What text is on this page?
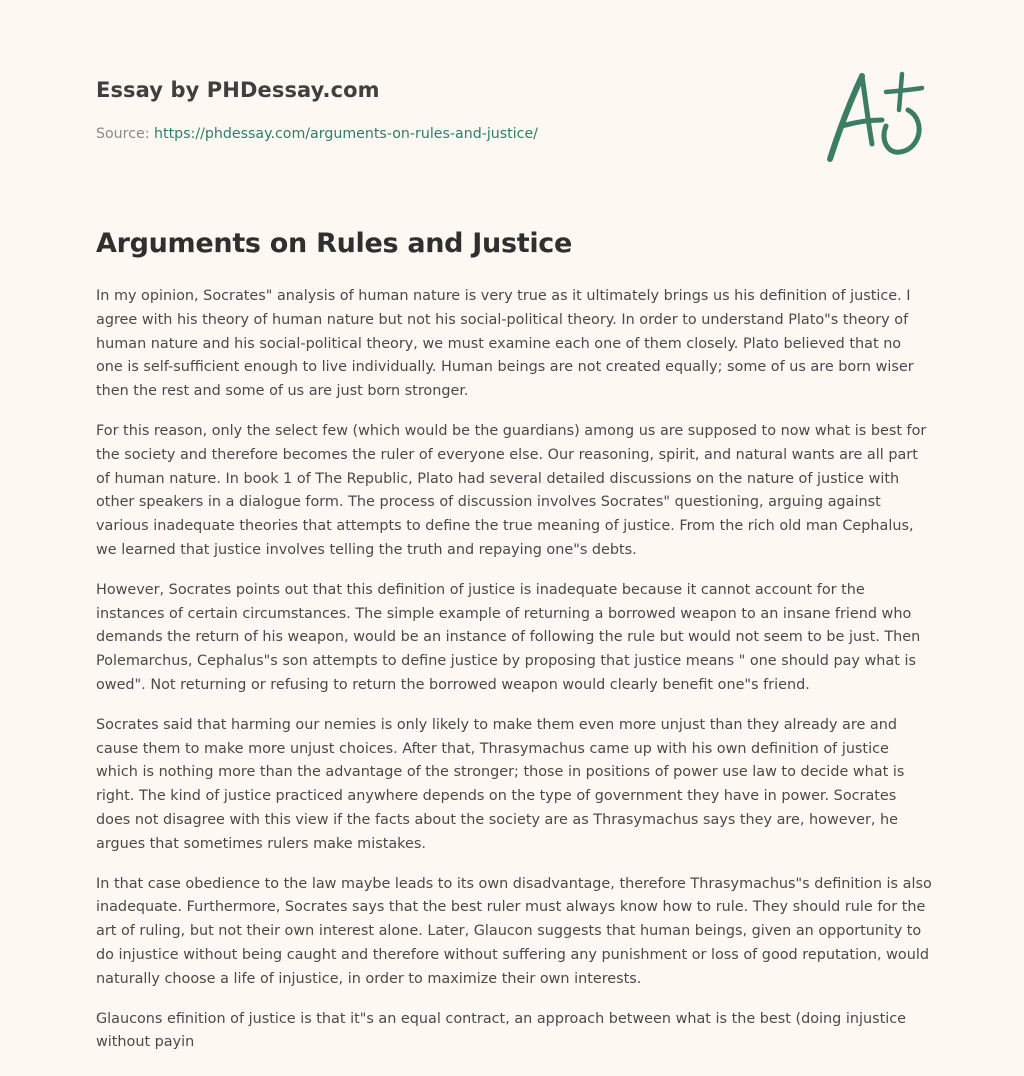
Essay by PHDessay.com
Source: https://phdessay.com/arguments-on-rules-and-justice/
Arguments on Rules and Justice

In my opinion, Socrates" analysis of human nature is very true as it ultimately brings us his definition of justice. I agree with his theory of human nature but not his social-political theory. In order to understand Plato"s theory of human nature and his social-political theory, we must examine each one of them closely. Plato believed that no one is self-sufficient enough to live individually. Human beings are not created equally; some of us are born wiser then the rest and some of us are just born stronger.

For this reason, only the select few (which would be the guardians) among us are supposed to now what is best for the society and therefore becomes the ruler of everyone else. Our reasoning, spirit, and natural wants are all part of human nature. In book 1 of The Republic, Plato had several detailed discussions on the nature of justice with other speakers in a dialogue form. The process of discussion involves Socrates" questioning, arguing against various inadequate theories that attempts to define the true meaning of justice. From the rich old man Cephalus, we learned that justice involves telling the truth and repaying one"s debts.

However, Socrates points out that this definition of justice is inadequate because it cannot account for the instances of certain circumstances. The simple example of returning a borrowed weapon to an insane friend who demands the return of his weapon, would be an instance of following the rule but would not seem to be just. Then Polemarchus, Cephalus"s son attempts to define justice by proposing that justice means " one should pay what is owed". Not returning or refusing to return the borrowed weapon would clearly benefit one"s friend.

Socrates said that harming our nemies is only likely to make them even more unjust than they already are and cause them to make more unjust choices. After that, Thrasymachus came up with his own definition of justice which is nothing more than the advantage of the stronger; those in positions of power use law to decide what is right. The kind of justice practiced anywhere depends on the type of government they have in power. Socrates does not disagree with this view if the facts about the society are as Thrasymachus says they are, however, he argues that sometimes rulers make mistakes.

In that case obedience to the law maybe leads to its own disadvantage, therefore Thrasymachus"s definition is also inadequate. Furthermore, Socrates says that the best ruler must always know how to rule. They should rule for the art of ruling, but not their own interest alone. Later, Glaucon suggests that human beings, given an opportunity to do injustice without being caught and therefore without suffering any punishment or loss of good reputation, would naturally choose a life of injustice, in order to maximize their own interests.

Glaucons efinition of justice is that it"s an equal contract, an approach between what is the best (doing injustice without payin
